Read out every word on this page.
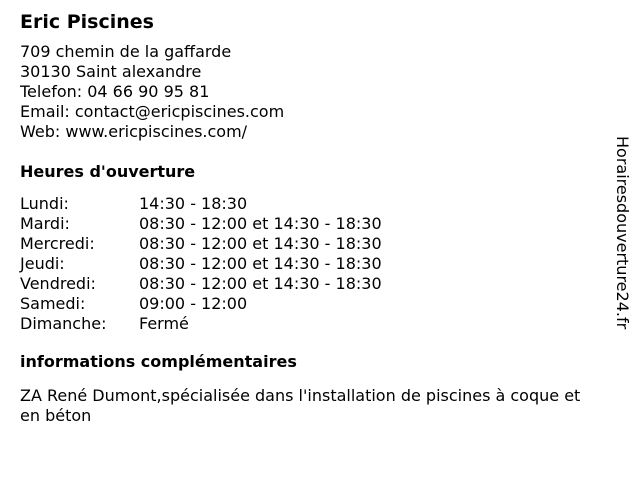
Eric Piscines
709 chemin de la gaffarde
30130 Saint alexandre
Telefon: 04 66 90 95 81
Email: contact@ericpiscines.com
Web: www.ericpiscines.com/
Heures d'ouverture
Lundi:	14:30 - 18:30
Mardi:	08:30 - 12:00 et 14:30 - 18:30
Mercredi:	08:30 - 12:00 et 14:30 - 18:30
Jeudi:	08:30 - 12:00 et 14:30 - 18:30
Vendredi:	08:30 - 12:00 et 14:30 - 18:30
Samedi:	09:00 - 12:00
Dimanche:	Fermé
informations complémentaires
ZA René Dumont,spécialisée dans l'installation de piscines à coque et en béton
Horairesdouverture24.fr
